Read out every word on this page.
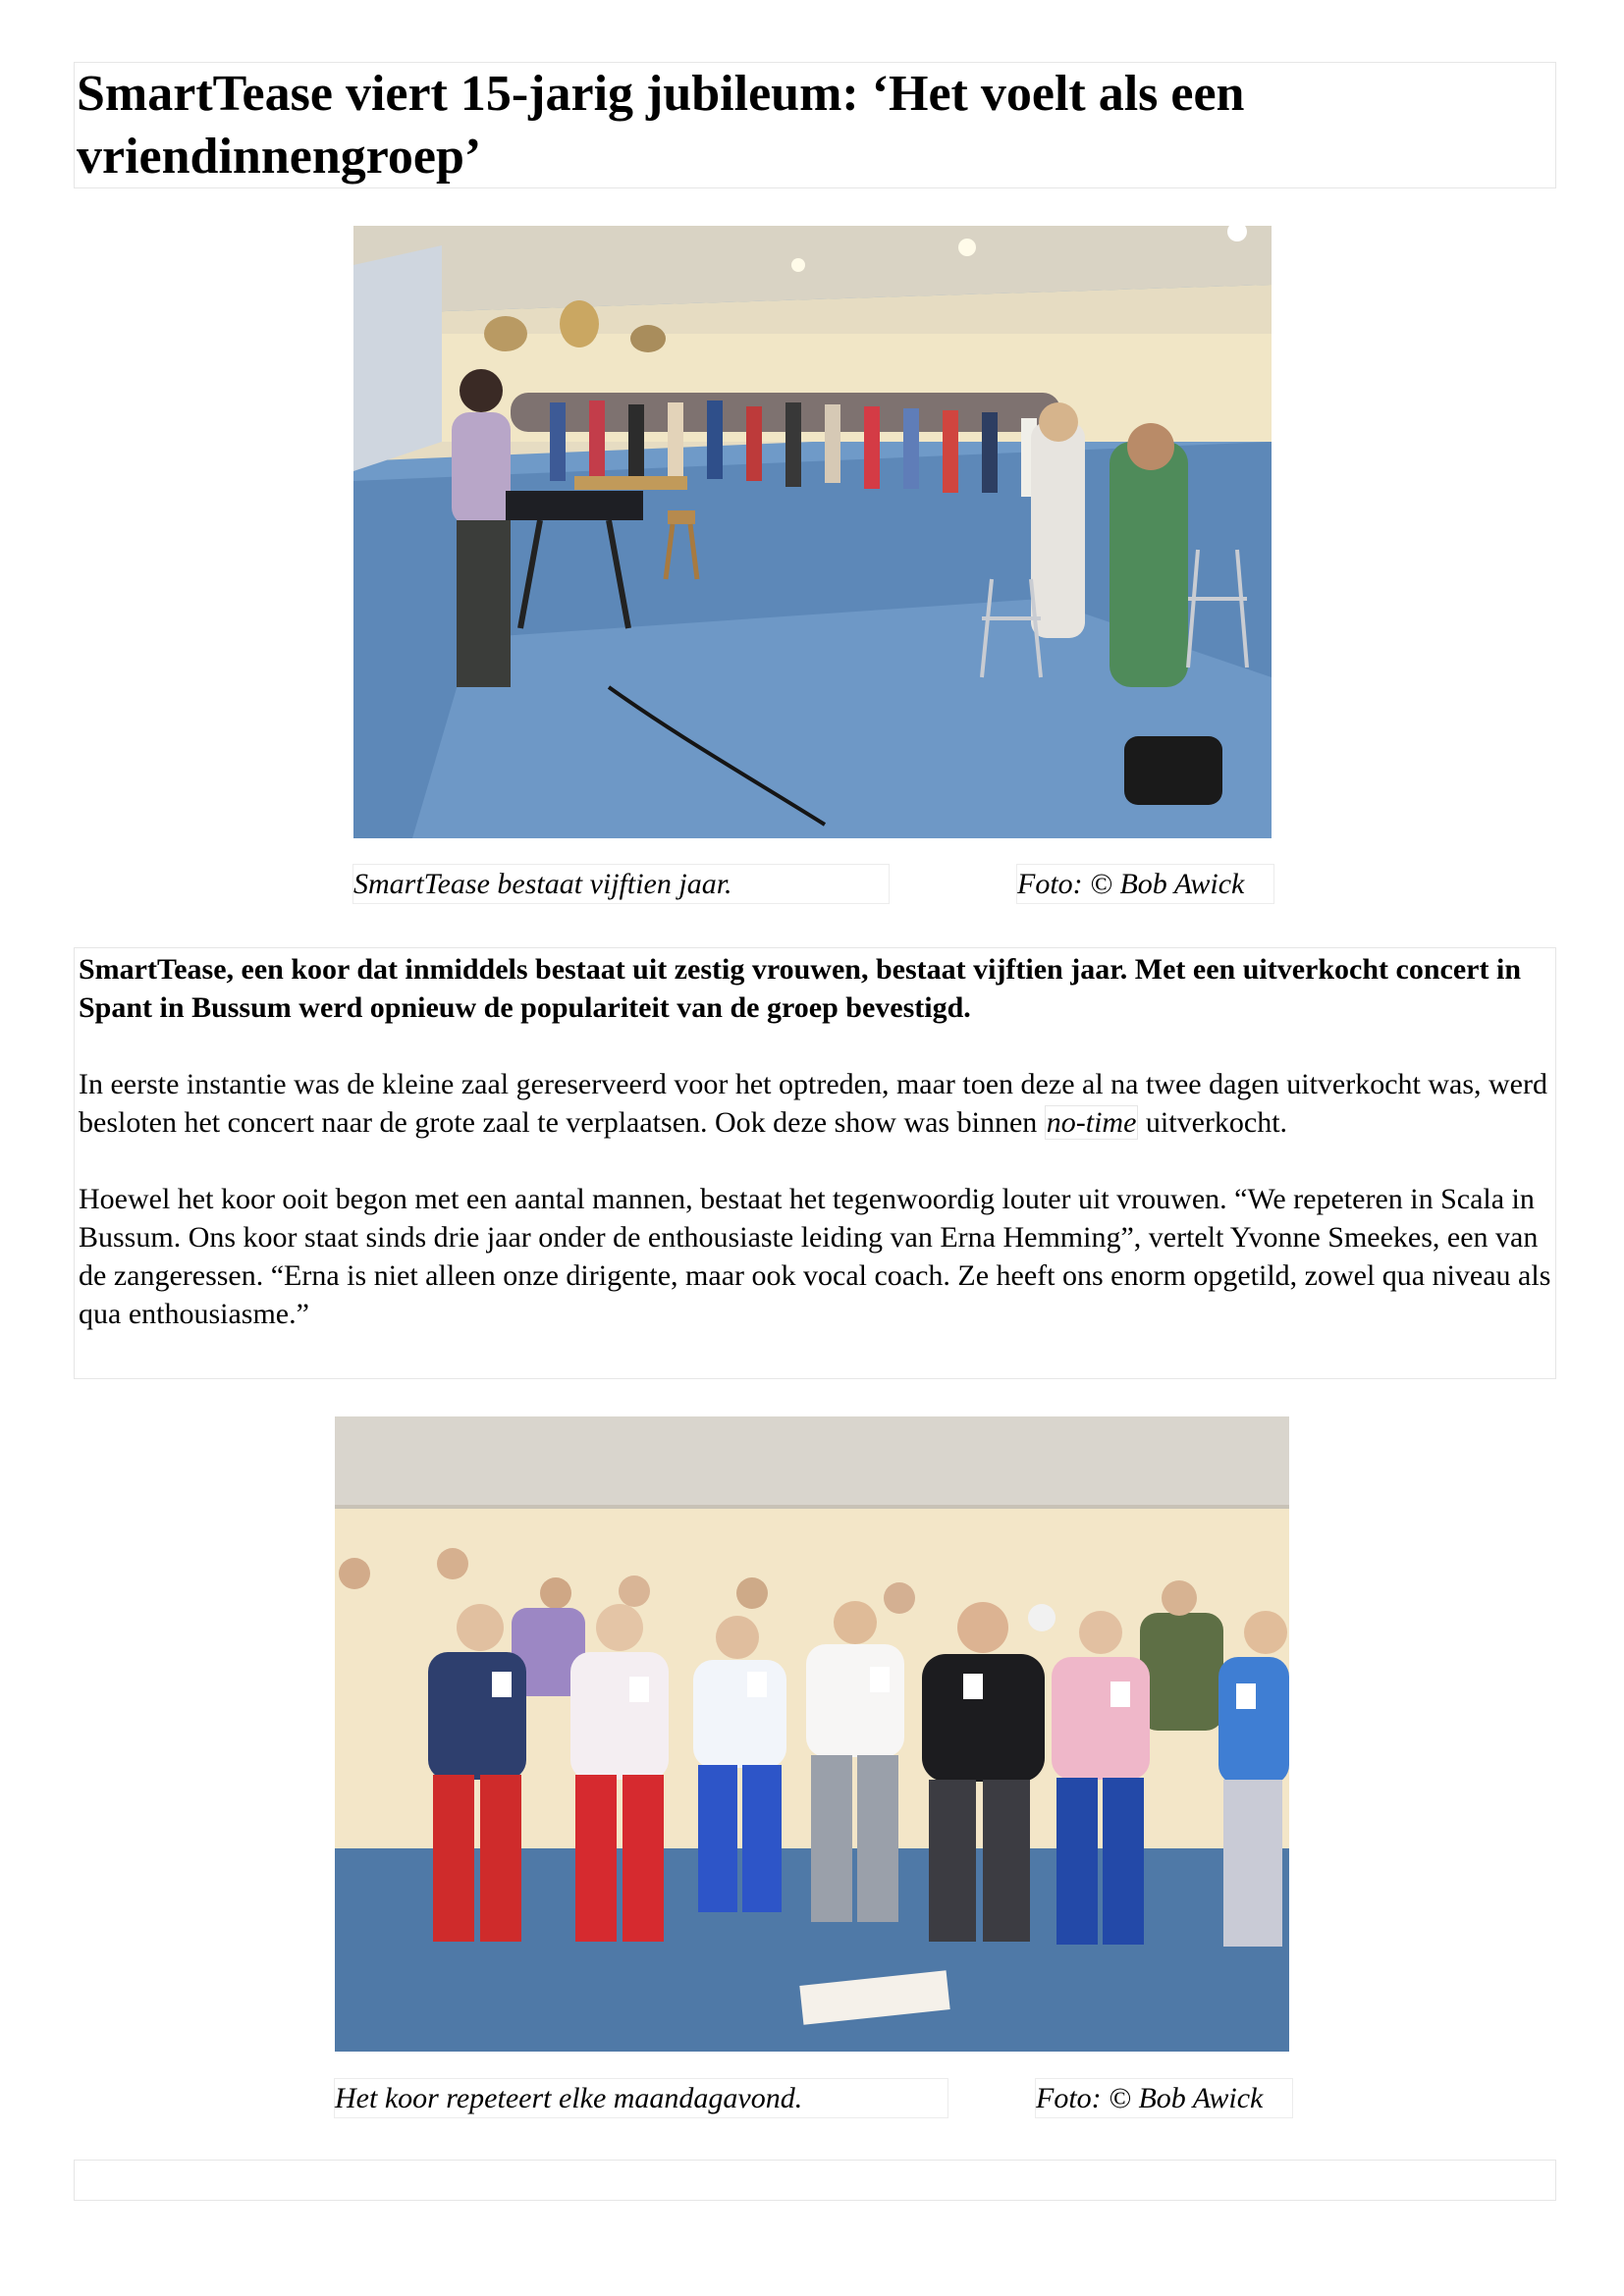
SmartTease viert 15-jarig jubileum: ‘Het voelt als een vriendinnengroep’
SmartTease bestaat vijftien jaar.	Foto: © Bob Awick

SmartTease, een koor dat inmiddels bestaat uit zestig vrouwen, bestaat vijftien jaar. Met een uitverkocht concert in Spant in Bussum werd opnieuw de populariteit van de groep bevestigd.

In eerste instantie was de kleine zaal gereserveerd voor het optreden, maar toen deze al na twee dagen uitverkocht was, werd besloten het concert naar de grote zaal te verplaatsen. Ook deze show was binnen no-time uitverkocht.

Hoewel het koor ooit begon met een aantal mannen, bestaat het tegenwoordig louter uit vrouwen. “We repeteren in Scala in Bussum. Ons koor staat sinds drie jaar onder de enthousiaste leiding van Erna Hemming”, vertelt Yvonne Smeekes, een van de zangeressen. “Erna is niet alleen onze dirigente, maar ook vocal coach. Ze heeft ons enorm opgetild, zowel qua niveau als qua enthousiasme.”

Het koor repeteert elke maandagavond.	Foto: © Bob Awick
